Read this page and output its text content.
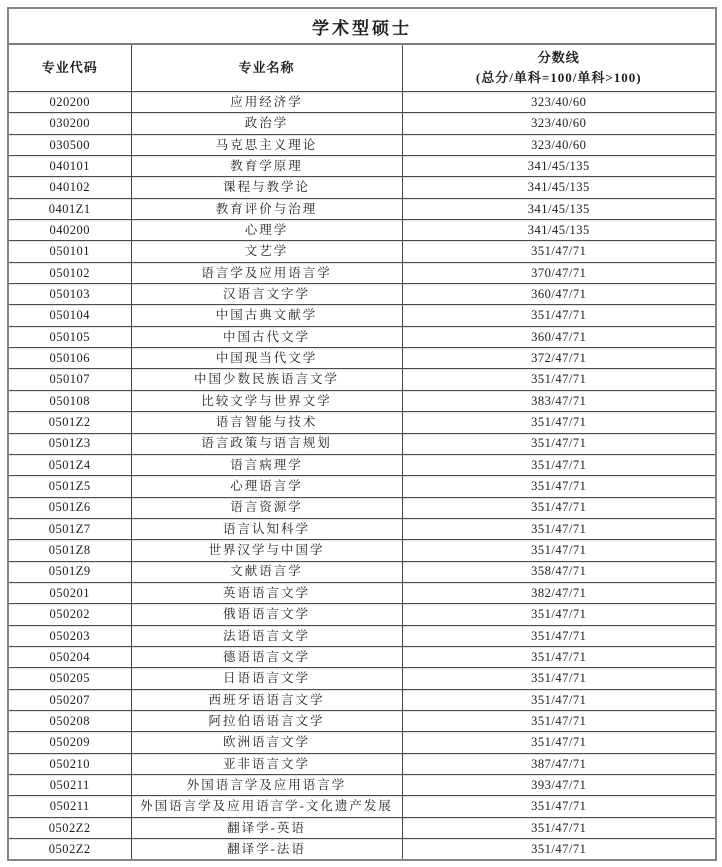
学术型硕士		
专业代码	专业名称	分数线
(总分/单科=100/单科>100)

020200	应用经济学	323/40/60
030200	政治学	323/40/60
030500	马克思主义理论	323/40/60
040101	教育学原理	341/45/135
040102	课程与教学论	341/45/135
0401Z1	教育评价与治理	341/45/135
040200	心理学	341/45/135
050101	文艺学	351/47/71
050102	语言学及应用语言学	370/47/71
050103	汉语言文字学	360/47/71
050104	中国古典文献学	351/47/71
050105	中国古代文学	360/47/71
050106	中国现当代文学	372/47/71
050107	中国少数民族语言文学	351/47/71
050108	比较文学与世界文学	383/47/71
0501Z2	语言智能与技术	351/47/71
0501Z3	语言政策与语言规划	351/47/71
0501Z4	语言病理学	351/47/71
0501Z5	心理语言学	351/47/71
0501Z6	语言资源学	351/47/71
0501Z7	语言认知科学	351/47/71
0501Z8	世界汉学与中国学	351/47/71
0501Z9	文献语言学	358/47/71
050201	英语语言文学	382/47/71
050202	俄语语言文学	351/47/71
050203	法语语言文学	351/47/71
050204	德语语言文学	351/47/71
050205	日语语言文学	351/47/71
050207	西班牙语语言文学	351/47/71
050208	阿拉伯语语言文学	351/47/71
050209	欧洲语言文学	351/47/71
050210	亚非语言文学	387/47/71
050211	外国语言学及应用语言学	393/47/71
050211	外国语言学及应用语言学-文化遗产发展	351/47/71
0502Z2	翻译学-英语	351/47/71
0502Z2	翻译学-法语	351/47/71
